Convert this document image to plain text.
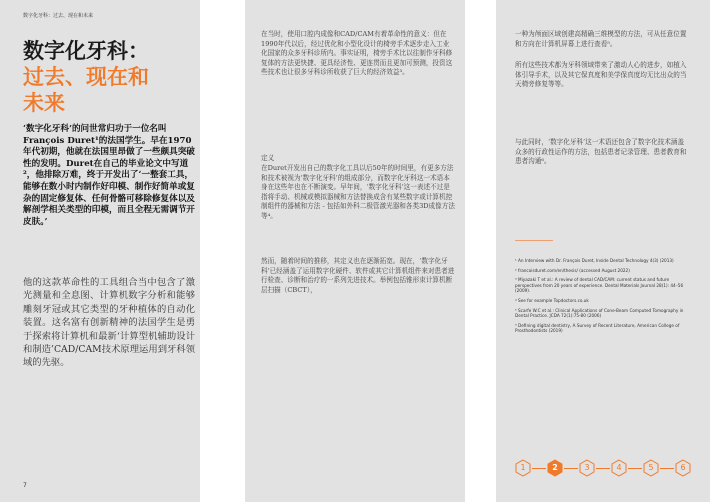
数字化牙科：过去、现在和未来
数字化牙科：
过去、现在和
未来
‘数字化牙科’的问世常归功于一位名叫François Duret¹的法国学生。早在1970年代初期，他就在法国里昂做了一些颇具突破性的发明。Duret在自己的毕业论文中写道²，他排除万难，终于开发出了‘一整套工具，能够在数小时内制作好印模、制作好简单或复杂的固定修复体、任何骨骼可移除修复体以及解剖学相关类型的印模，而且全程无需调节开皮肤。’
他的这款革命性的工具组合当中包含了激光测量和全息图、计算机数字分析和能够雕刻牙冠或其它类型的牙种植体的自动化装置。这名富有创新精神的法国学生是勇于探索将计算机和最新‘计算型机辅助设计和制造’CAD/CAM技术原理运用到牙科领域的先驱。
7
在当时，使用口腔内成像和CAD/CAM有着革命性的意义：但在1990年代以后，经过优化和小型化设计的椅旁手术逐步走入工业化国家的众多牙科诊所内。事实证明，椅旁手术比以往制作牙科修复体的方法更快捷、更具经济性、更连贯而且更加可预测，投资这些技术也让很多牙科诊所收获了巨大的经济效益³。
定义
在Duret开发出自己的数字化工具以后50年的时间里，有更多方法和技术被视为‘数字化牙科’的组成部分，而数字化牙科这一术语本身在这些年也在不断演变。早年间，‘数字化牙科’这一表述不过是指将手动、机械或模拟器械和方法替换成含有某些数字或计算机控制组件的器械和方法 - 包括如外科二极管激光器和各类3D成像方法等⁴。
然而，随着时间的推移，其定义也在逐渐拓宽。现在，‘数字化牙科’已经涵盖了运用数字化硬件、软件或其它计算机组件来对患者进行检查、诊断和治疗的一系列先进技术。举例包括锥形束计算机断层扫描（CBCT），
一种为颅面区域创建高精确三维模型的方法，可从任意位置和方向在计算机屏幕上进行查看⁵。
所有这些技术都为牙科领域带来了激动人心的进步，如植入体引导手术，以及其它保真度和美学保真度均无比出众的当天椅旁修复等等。
与此同时，‘数字化牙科’这一术语还包含了数字化技术涵盖众多的行政性运作的方法，包括患者记录管理、患者教育和患者沟通⁶。
¹ An Interview with Dr. François Duret, Inside Dental Technology 4(3) (2013)
² francoisduret.com/en/thesis/ (accessed August 2022)
³ Miyazaki T et al.: A review of dental CAD/CAM: current status and future perspectives from 20 years of experience. Dental Materials Journal 28(1): 44–56 (2009).
⁴ See for example Topdoctors.co.uk
⁵ Scarfe W.C et al.: Clinical Applications of Cone-Beam Computed Tomography in Dental Practice. JCDA 72(1):75-80 (2006)
⁶ Defining digital dentistry, A Survey of Recent Literature, American College of Prosthodontists (2019)
1	2	3	4	5	6
